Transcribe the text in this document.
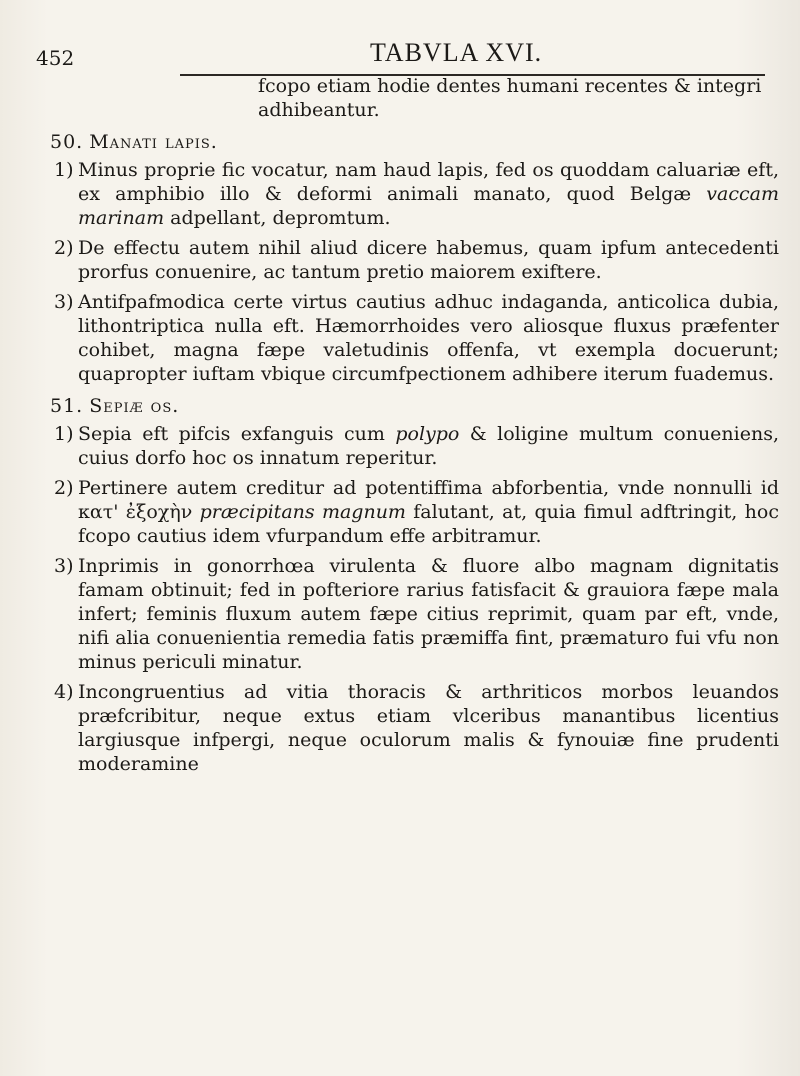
452	TABVLA XVI.

fcopo etiam hodie dentes humani recentes & integri adhibeantur.

50. Manati lapis.

1) Minus proprie fic vocatur, nam haud lapis, fed os quoddam caluariæ eft, ex amphibio illo & deformi animali manato, quod Belgæ vaccam marinam adpellant, depromtum.

2) De effectu autem nihil aliud dicere habemus, quam ipfum antecedenti prorfus conuenire, ac tantum pretio maiorem exiftere.

3) Antifpafmodica certe virtus cautius adhuc indaganda, anticolica dubia, lithontriptica nulla eft. Hæmorrhoides vero aliosque fluxus præfenter cohibet, magna fæpe valetudinis offenfa, vt exempla docuerunt; quapropter iuftam vbique circumfpectionem adhibere iterum fuademus.

51. Sepiæ os.

1) Sepia eft pifcis exfanguis cum polypo & loligine multum conueniens, cuius dorfo hoc os innatum reperitur.

2) Pertinere autem creditur ad potentiffima abforbentia, vnde nonnulli id κατ' ἐξοχὴν præcipitans magnum falutant, at, quia fimul adftringit, hoc fcopo cautius idem vfurpandum effe arbitramur.

3) Inprimis in gonorrhœa virulenta & fluore albo magnam dignitatis famam obtinuit; fed in pofteriore rarius fatisfacit & grauiora fæpe mala infert; feminis fluxum autem fæpe citius reprimit, quam par eft, vnde, nifi alia conuenientia remedia fatis præmiffa fint, præmaturo fui vfu non minus periculi minatur.

4) Incongruentius ad vitia thoracis & arthriticos morbos leuandos præfcribitur, neque extus etiam vlceribus manantibus licentius largiusque infpergi, neque oculorum malis & fynouiæ fine prudenti moderamine
